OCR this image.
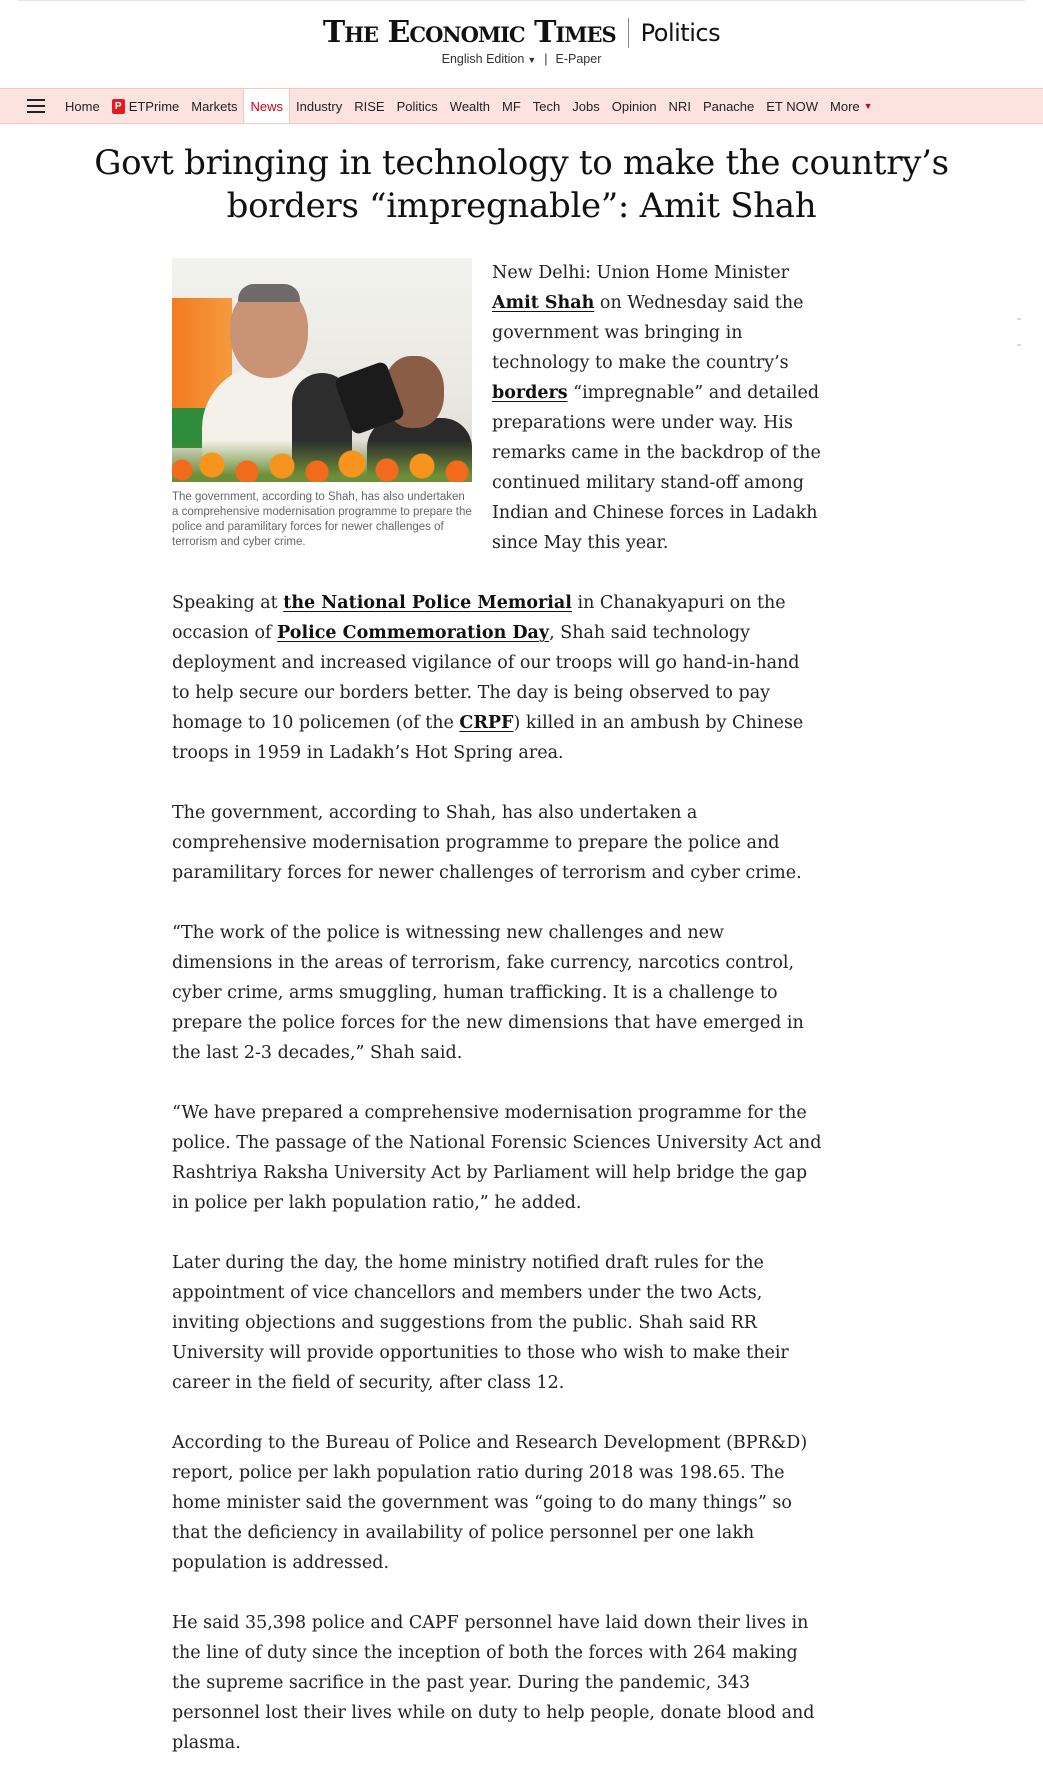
The Economic Times Politics
English Edition ▼ | E-Paper
Home	P ETPrime Markets News Industry RISE Politics Wealth MF Tech Jobs Opinion NRI Panache ET NOW More ▼
Govt bringing in technology to make the country’s borders “impregnable”: Amit Shah
The government, according to Shah, has also undertaken a comprehensive modernisation programme to prepare the police and paramilitary forces for newer challenges of terrorism and cyber crime.

New Delhi: Union Home Minister Amit Shah on Wednesday said the government was bringing in technology to make the country’s borders “impregnable” and detailed preparations were under way. His remarks came in the backdrop of the continued military stand-off among Indian and Chinese forces in Ladakh since May this year.

Speaking at the National Police Memorial in Chanakyapuri on the occasion of Police Commemoration Day, Shah said technology deployment and increased vigilance of our troops will go hand-in-hand to help secure our borders better. The day is being observed to pay homage to 10 policemen (of the CRPF) killed in an ambush by Chinese troops in 1959 in Ladakh’s Hot Spring area.

The government, according to Shah, has also undertaken a comprehensive modernisation programme to prepare the police and paramilitary forces for newer challenges of terrorism and cyber crime.

“The work of the police is witnessing new challenges and new dimensions in the areas of terrorism, fake currency, narcotics control, cyber crime, arms smuggling, human trafficking. It is a challenge to prepare the police forces for the new dimensions that have emerged in the last 2-3 decades,” Shah said.

“We have prepared a comprehensive modernisation programme for the police. The passage of the National Forensic Sciences University Act and Rashtriya Raksha University Act by Parliament will help bridge the gap in police per lakh population ratio,” he added.

Later during the day, the home ministry notified draft rules for the appointment of vice chancellors and members under the two Acts, inviting objections and suggestions from the public. Shah said RR University will provide opportunities to those who wish to make their career in the field of security, after class 12.

According to the Bureau of Police and Research Development (BPR&D) report, police per lakh population ratio during 2018 was 198.65. The home minister said the government was “going to do many things” so that the deficiency in availability of police personnel per one lakh population is addressed.

He said 35,398 police and CAPF personnel have laid down their lives in the line of duty since the inception of both the forces with 264 making the supreme sacrifice in the past year. During the pandemic, 343 personnel lost their lives while on duty to help people, donate blood and plasma.
